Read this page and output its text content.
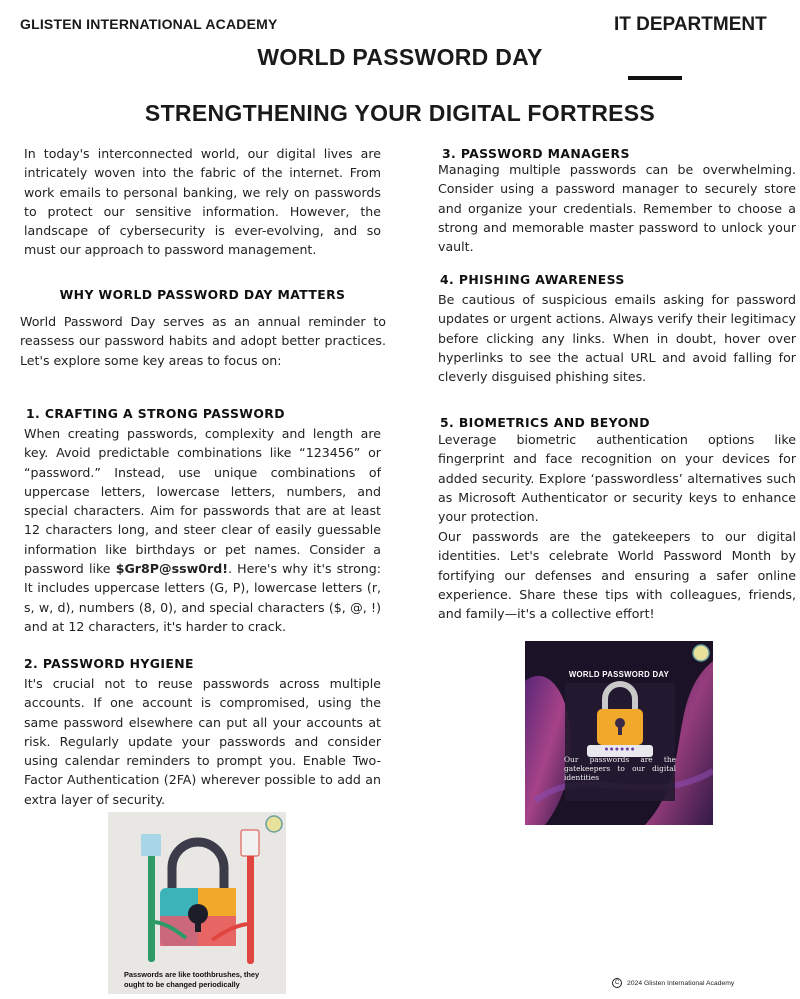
GLISTEN INTERNATIONAL ACADEMY	IT DEPARTMENT
WORLD PASSWORD DAY
STRENGTHENING YOUR DIGITAL FORTRESS
In today's interconnected world, our digital lives are intricately woven into the fabric of the internet. From work emails to personal banking, we rely on passwords to protect our sensitive information. However, the landscape of cybersecurity is ever-evolving, and so must our approach to password management.
WHY WORLD PASSWORD DAY MATTERS
World Password Day serves as an annual reminder to reassess our password habits and adopt better practices. Let's explore some key areas to focus on:
1. CRAFTING A STRONG PASSWORD
When creating passwords, complexity and length are key. Avoid predictable combinations like “123456” or “password.” Instead, use unique combinations of uppercase letters, lowercase letters, numbers, and special characters. Aim for passwords that are at least 12 characters long, and steer clear of easily guessable information like birthdays or pet names. Consider a password like $Gr8P@ssw0rd!. Here's why it's strong: It includes uppercase letters (G, P), lowercase letters (r, s, w, d), numbers (8, 0), and special characters ($, @, !) and at 12 characters, it's harder to crack.
2. PASSWORD HYGIENE
It's crucial not to reuse passwords across multiple accounts. If one account is compromised, using the same password elsewhere can put all your accounts at risk. Regularly update your passwords and consider using calendar reminders to prompt you. Enable Two-Factor Authentication (2FA) wherever possible to add an extra layer of security.
3. PASSWORD MANAGERS
Managing multiple passwords can be overwhelming. Consider using a password manager to securely store and organize your credentials. Remember to choose a strong and memorable master password to unlock your vault.
4. PHISHING AWARENESS
Be cautious of suspicious emails asking for password updates or urgent actions. Always verify their legitimacy before clicking any links. When in doubt, hover over hyperlinks to see the actual URL and avoid falling for cleverly disguised phishing sites.
5. BIOMETRICS AND BEYOND
Leverage biometric authentication options like fingerprint and face recognition on your devices for added security. Explore ‘passwordless’ alternatives such as Microsoft Authenticator or security keys to enhance your protection.
Our passwords are the gatekeepers to our digital identities. Let's celebrate World Password Month by fortifying our defenses and ensuring a safer online experience. Share these tips with colleagues, friends, and family—it's a collective effort!
Passwords are like toothbrushes, they ought to be changed periodically
WORLD PASSWORD DAY
●●●●●●
Our passwords are the gatekeepers to our digital identities
C 2024 Glisten International Academy
